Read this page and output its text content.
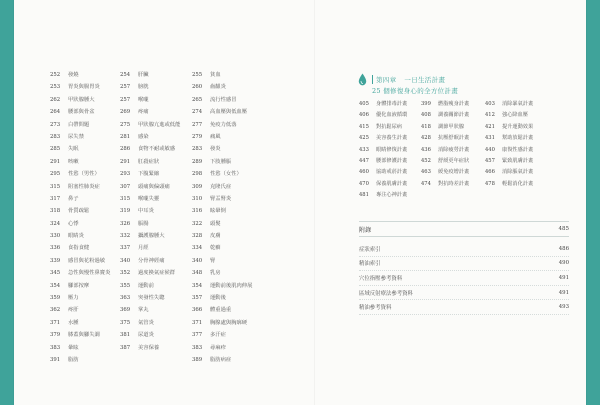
252	發燒
253	胃炎與腸胃炎
262	甲狀腺腫大
264	腰部與骨盆
273	白帶問題
283	尿失禁
285	失眠
291	咳嗽
295	性慾（男性）
315	阻塞性肺炎症
317	鼻子
318	骨質疏鬆
324	心悸
330	眼睛炎
336	食指食健
339	感冒與花粉過敏
345	急性與慢性鼻竇炎
354	腳部按摩
359	壓力
362	疼肝
371	水腫
379	膝蓋與腳失調
383	暈眩
391	脂肪
254	肝臟
257	膀胱
257	喉嚨
269	疼痛
275	甲狀腺亢進或低能
281	感染
286	食物不耐或敏感
291	肛殺症狀
293	下腹緊縮
307	頭痛與偏頭痛
315	喉嚨失靈
319	中耳炎
326	脹腸
332	攝護腺腫大
337	月經
340	分骨神經痛
352	過度換氣症候群
355	運動前
363	突發性失聰
369	掌丸
375	氣管炎
381	尿道炎
387	美容保養
255	貧血
260	齒齦炎
265	流行性感冒
274	高血壓與低血壓
277	免疫力低落
279	痛風
283	發炎
289	下肢腫脹
298	性慾（女性）
309	克隆氏症
310	腎盂腎炎
316	眩暈倒
322	頭髮
328	皮膚
334	乾癬
340	腎
348	乳房
354	運動前後肌肉伸展
357	運動後
366	體重過重
371	胸腺處與胸廓硬
377	多汗症
383	尋麻疹
389	脂肪病症
第四章 一日生活計畫
25 個修復身心的全方位計畫
405	身體排毒計畫	399	燃脂瘦身計畫	403	消除暴氣計畫
406	優化血液循環	408	調養關節計畫	412	強心降血壓
415	對抗鬆尿病	418	調節甲狀腺	421	提升運動效果
425	美容養生計畫	428	抗壓舒眠計畫	431	幫助放鬆計畫
433	眼睛修復計畫	436	消除疲勞計畫	440	康復性感計畫
447	腰部修護計畫	452	舒緩更年症狀	457	緊致肌膚計畫
460	協助戒菸計畫	463	緩免疫增計畫	466	消除脹氣計畫
470	保養肌膚計畫	474	對抗時差計畫	478	輕鬆消化計畫
481	專注心神計畫
附錄	485
症狀索引	486
精油索引	490
穴位指壓參考資料	491
區域反射療法參考資料	491
精油參考資料	493
